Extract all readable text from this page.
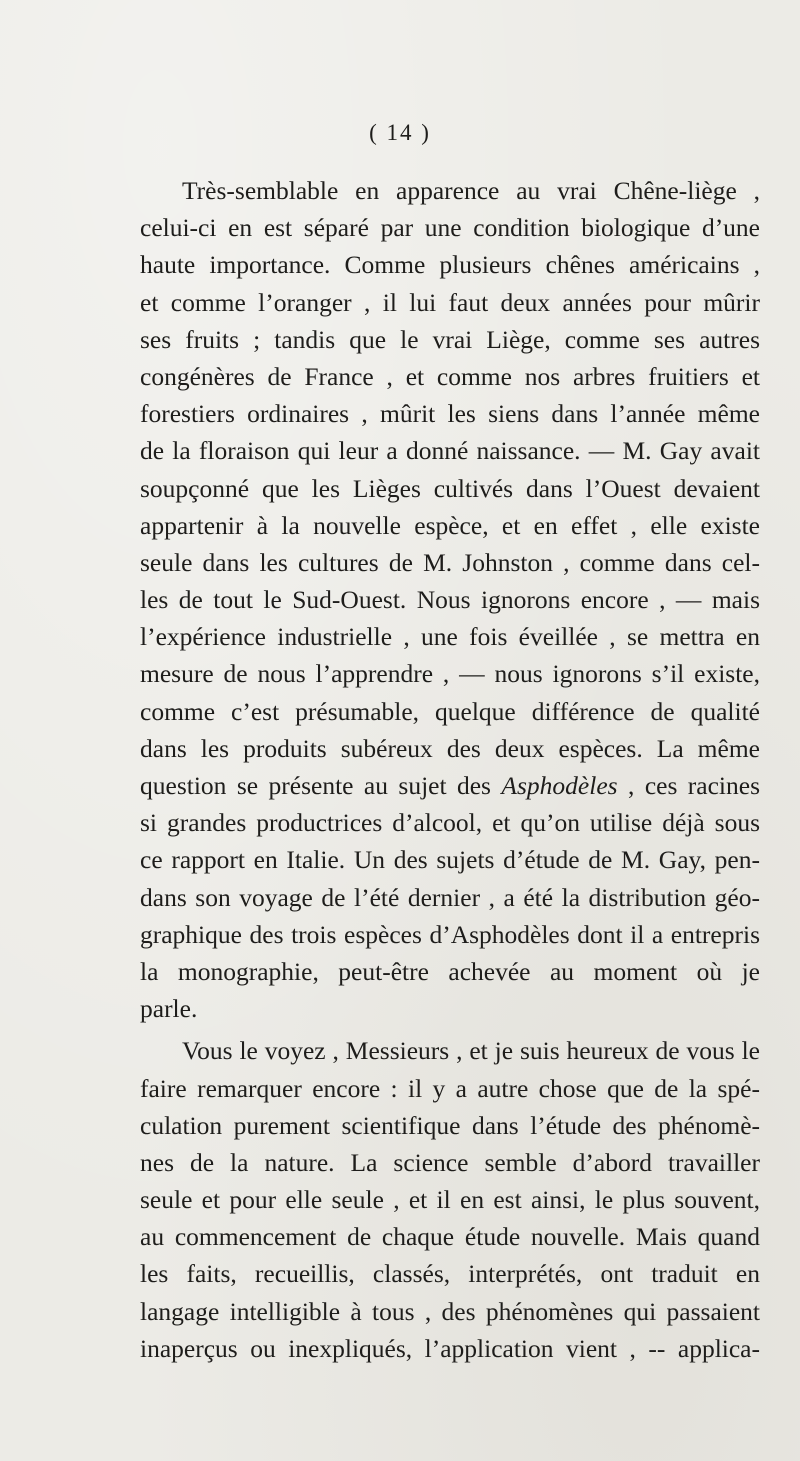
( 14 )
Très-semblable en apparence au vrai Chêne-liège ,
celui-ci en est séparé par une condition biologique d’une
haute importance. Comme plusieurs chênes américains ,
et comme l’oranger , il lui faut deux années pour mûrir
ses fruits ; tandis que le vrai Liège, comme ses autres
congénères de France , et comme nos arbres fruitiers et
forestiers ordinaires , mûrit les siens dans l’année même
de la floraison qui leur a donné naissance. — M. Gay avait
soupçonné que les Lièges cultivés dans l’Ouest devaient
appartenir à la nouvelle espèce, et en effet , elle existe
seule dans les cultures de M. Johnston , comme dans cel-
les de tout le Sud-Ouest. Nous ignorons encore , — mais
l’expérience industrielle , une fois éveillée , se mettra en
mesure de nous l’apprendre , — nous ignorons s’il existe,
comme c’est présumable, quelque différence de qualité
dans les produits subéreux des deux espèces. La même
question se présente au sujet des Asphodèles , ces racines
si grandes productrices d’alcool, et qu’on utilise déjà sous
ce rapport en Italie. Un des sujets d’étude de M. Gay, pen-
dans son voyage de l’été dernier , a été la distribution géo-
graphique des trois espèces d’Asphodèles dont il a entrepris
la monographie, peut-être achevée au moment où je
parle.
Vous le voyez , Messieurs , et je suis heureux de vous le
faire remarquer encore : il y a autre chose que de la spé-
culation purement scientifique dans l’étude des phénomè-
nes de la nature. La science semble d’abord travailler
seule et pour elle seule , et il en est ainsi, le plus souvent,
au commencement de chaque étude nouvelle. Mais quand
les faits, recueillis, classés, interprétés, ont traduit en
langage intelligible à tous , des phénomènes qui passaient
inaperçus ou inexpliqués, l’application vient , -- applica-
